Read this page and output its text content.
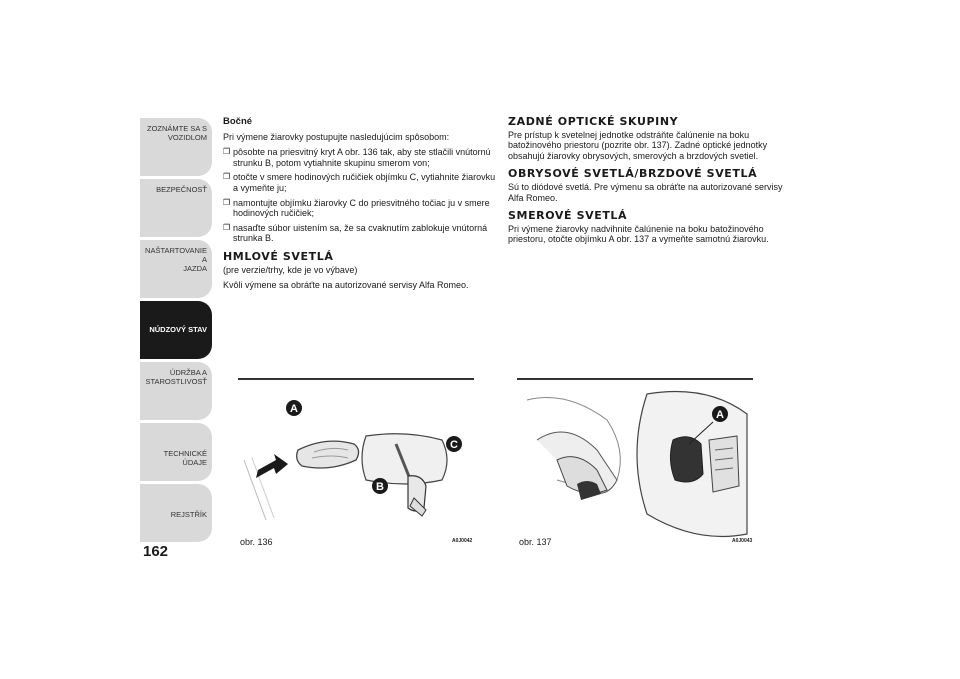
ZOZNÁMTE SA S
VOZIDLOM
BEZPEČNOSŤ
NAŠTARTOVANIE A
JAZDA
NÚDZOVÝ STAV
ÚDRŽBA A
STAROSTLIVOSŤ
TECHNICKÉ ÚDAJE
REJSTŘÍK
162
Bočné

Pri výmene žiarovky postupujte nasledujúcim spôsobom:

❒ pôsobte na priesvitný kryt A obr. 136 tak, aby ste stlačili vnútornú strunku B, potom vytiahnite skupinu smerom von;
❒ otočte v smere hodinových ručičiek objímku C, vytiahnite žiarovku a vymeňte ju;
❒ namontujte objímku žiarovky C do priesvitného točiac ju v smere hodinových ručičiek;
❒ nasaďte súbor uistením sa, že sa cvaknutím zablokuje vnútorná strunka B.
HMLOVÉ SVETLÁ

(pre verzie/trhy, kde je vo výbave)

Kvôli výmene sa obráťte na autorizované servisy Alfa Romeo.

ZADNÉ OPTICKÉ SKUPINY

Pre prístup k svetelnej jednotke odstráňte čalúnenie na boku batožinového priestoru (pozrite obr. 137). Zadné optické jednotky obsahujú žiarovky obrysových, smerových a brzdových svetiel.

OBRYSOVÉ SVETLÁ/BRZDOVÉ SVETLÁ

Sú to diódové svetlá. Pre výmenu sa obráťte na autorizované servisy Alfa Romeo.

SMEROVÉ SVETLÁ

Pri výmene žiarovky nadvihnite čalúnenie na boku batožinového priestoru, otočte objímku A obr. 137 a vymeňte samotnú žiarovku.

A
C
B
obr. 136	A0J0042
A
obr. 137	A0J0043
